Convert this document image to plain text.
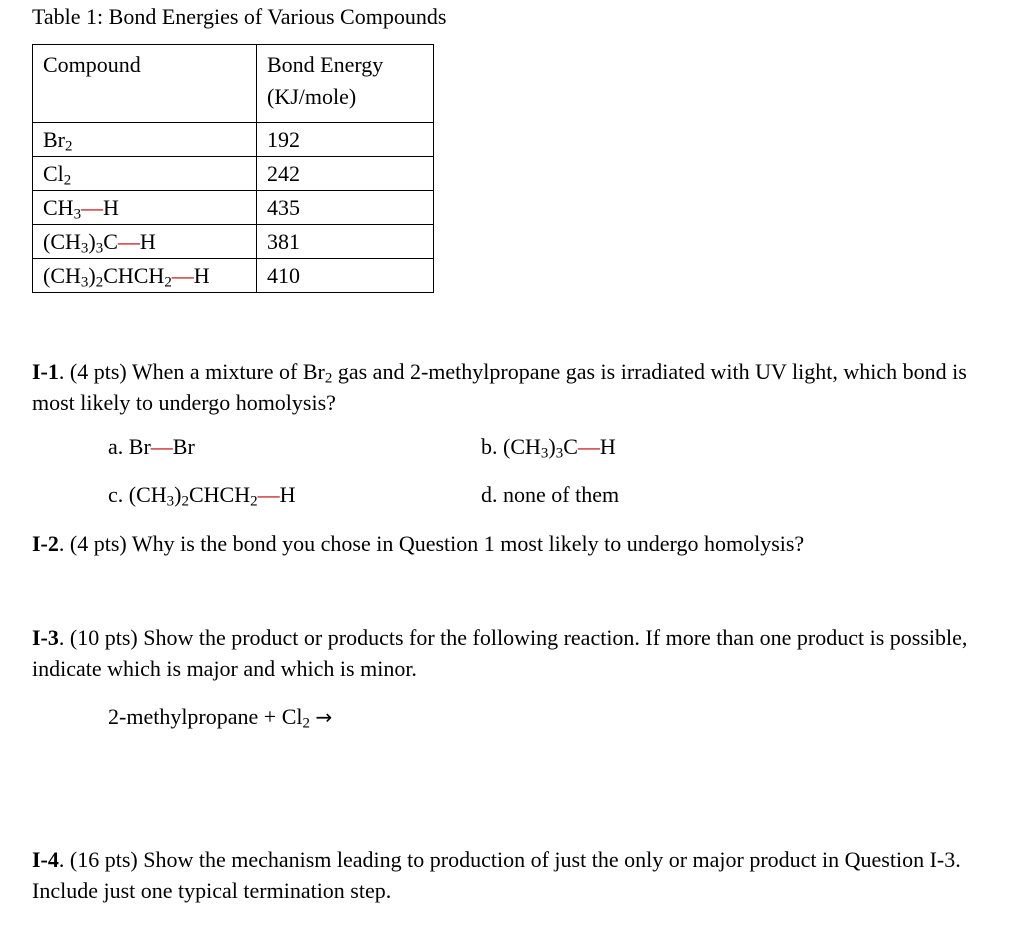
Table 1: Bond Energies of Various Compounds
Compound	Bond Energy
(KJ/mole)
$Br_2$	192
$Cl_2$	242
$CH_3—H$	435
$(CH_3)_3C—H$	381
$(CH_3)_2CHCH_2—H$	410
I-1. (4 pts) When a mixture of $Br_2$ gas and 2-methylpropane gas is irradiated with UV light, which bond is most likely to undergo homolysis?
a. Br—Br	b. $(CH_3)_3C—H$
c. $(CH_3)_2CHCH_2—H$	d. none of them
I-2. (4 pts) Why is the bond you chose in Question 1 most likely to undergo homolysis?
I-3. (10 pts) Show the product or products for the following reaction. If more than one product is possible, indicate which is major and which is minor.
2-methylpropane + $Cl_2$ →
I-4. (16 pts) Show the mechanism leading to production of just the only or major product in Question I-3. Include just one typical termination step.
